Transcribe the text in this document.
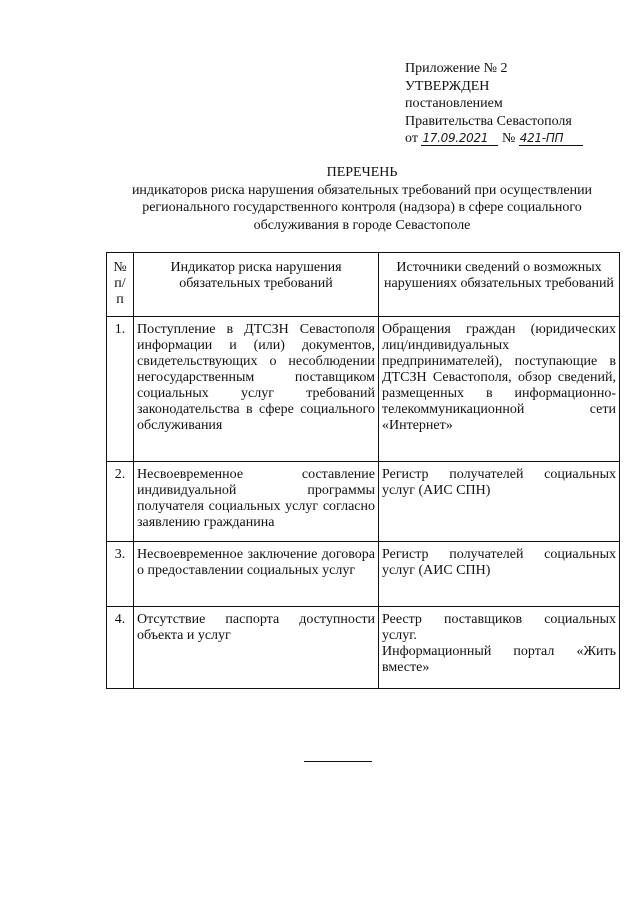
Приложение № 2
УТВЕРЖДЕН
постановлением
Правительства Севастополя
от 17.09.2021 № 421-ПП
ПЕРЕЧЕНЬ
индикаторов риска нарушения обязательных требований при осуществлении регионального государственного контроля (надзора) в сфере социального обслуживания в городе Севастополе
№ п/п	Индикатор риска нарушения обязательных требований	Источники сведений о возможных нарушениях обязательных требований
1.	Поступление в ДТСЗН Севастополя информации и (или) документов, свидетельствующих о несоблюдении негосударственным поставщиком социальных услуг требований законодательства в сфере социального обслуживания	Обращения граждан (юридических лиц/индивидуальных предпринимателей), поступающие в ДТСЗН Севастополя, обзор сведений, размещенных в информационно-телекоммуникационной сети «Интернет»
2.	Несвоевременное составление индивидуальной программы получателя социальных услуг согласно заявлению гражданина	Регистр получателей социальных услуг (АИС СПН)
3.	Несвоевременное заключение договора о предоставлении социальных услуг	Регистр получателей социальных услуг (АИС СПН)
4.	Отсутствие паспорта доступности объекта и услуг	Реестр поставщиков социальных услуг.
Информационный портал «Жить вместе»
